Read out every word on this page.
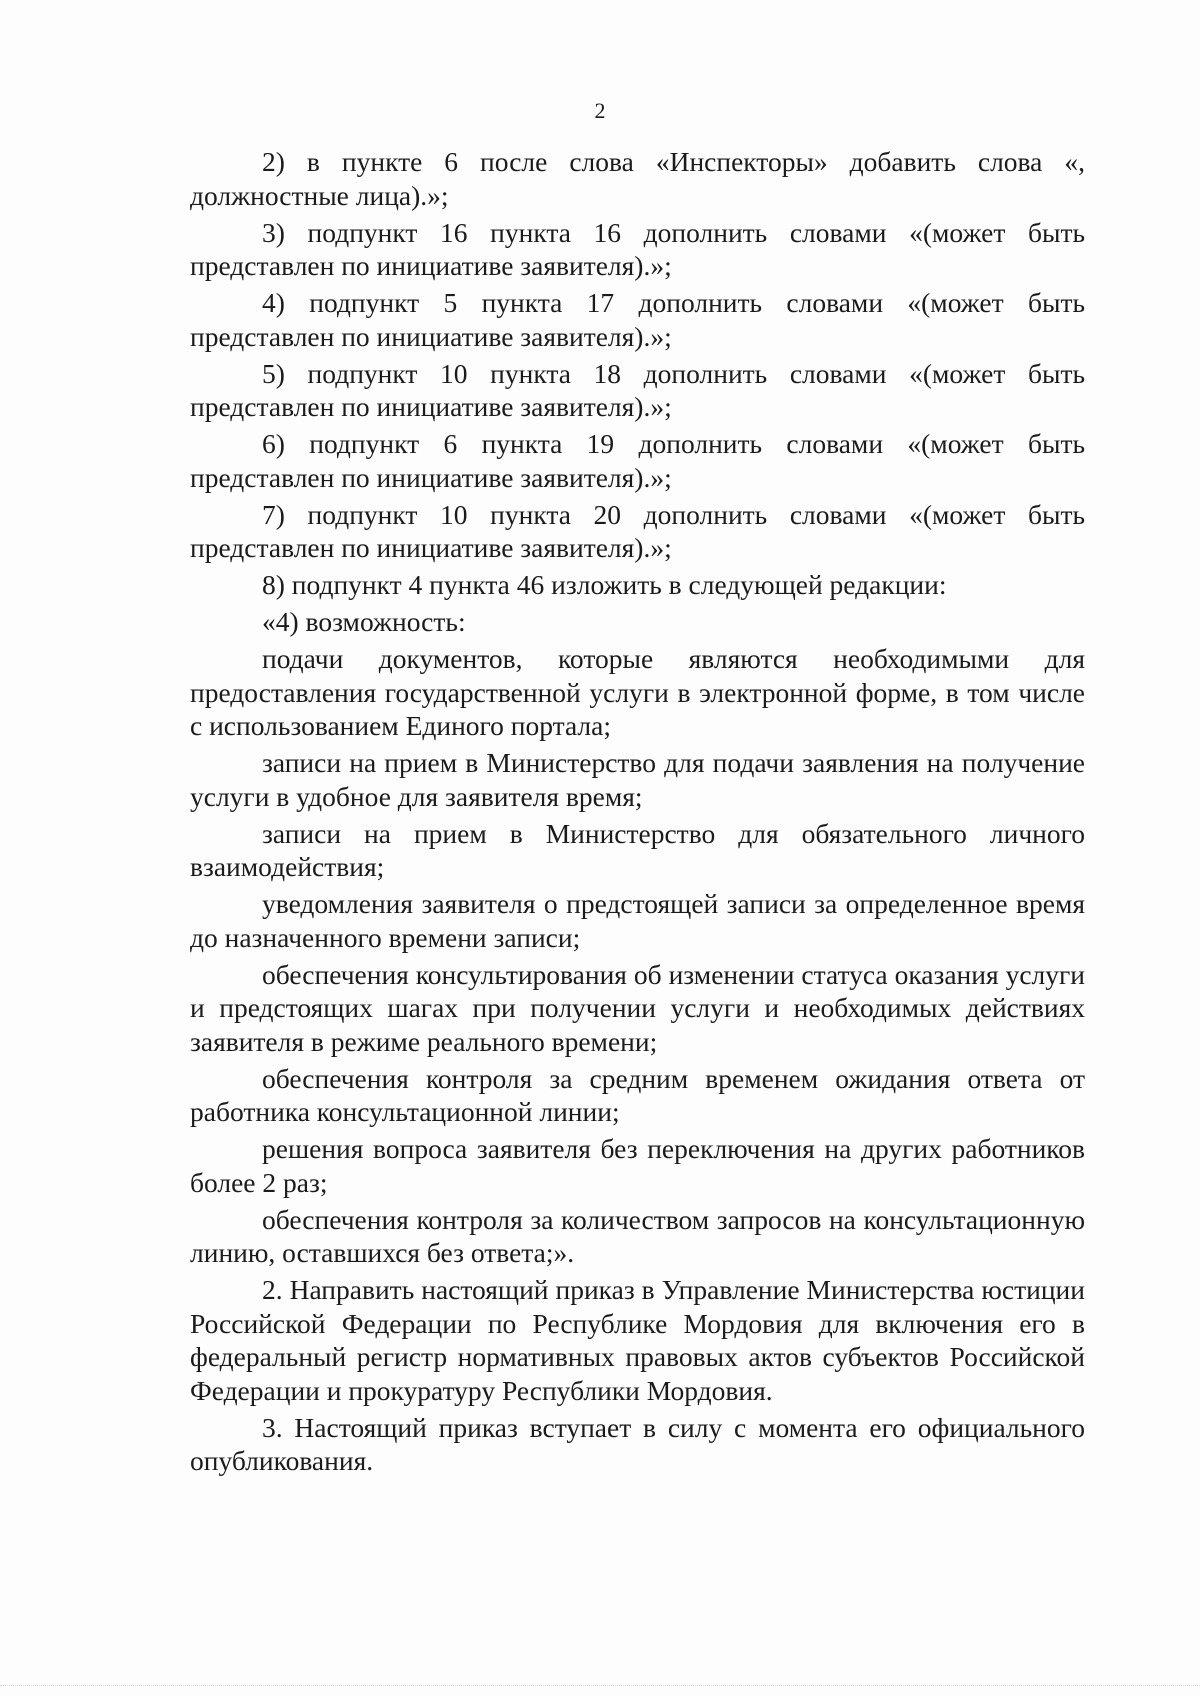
2

2) в пункте 6 после слова «Инспекторы» добавить слова «, должностные лица).»;

3) подпункт 16 пункта 16 дополнить словами «(может быть представлен по инициативе заявителя).»;

4) подпункт 5 пункта 17 дополнить словами «(может быть представлен по инициативе заявителя).»;

5) подпункт 10 пункта 18 дополнить словами «(может быть представлен по инициативе заявителя).»;

6) подпункт 6 пункта 19 дополнить словами «(может быть представлен по инициативе заявителя).»;

7) подпункт 10 пункта 20 дополнить словами «(может быть представлен по инициативе заявителя).»;

8) подпункт 4 пункта 46 изложить в следующей редакции:

«4) возможность:

подачи документов, которые являются необходимыми для предоставления государственной услуги в электронной форме, в том числе с использованием Единого портала;

записи на прием в Министерство для подачи заявления на получение услуги в удобное для заявителя время;

записи на прием в Министерство для обязательного личного взаимодействия;

уведомления заявителя о предстоящей записи за определенное время до назначенного времени записи;

обеспечения консультирования об изменении статуса оказания услуги и предстоящих шагах при получении услуги и необходимых действиях заявителя в режиме реального времени;

обеспечения контроля за средним временем ожидания ответа от работника консультационной линии;

решения вопроса заявителя без переключения на других работников более 2 раз;

обеспечения контроля за количеством запросов на консультационную линию, оставшихся без ответа;».

2. Направить настоящий приказ в Управление Министерства юстиции Российской Федерации по Республике Мордовия для включения его в федеральный регистр нормативных правовых актов субъектов Российской Федерации и прокуратуру Республики Мордовия.

3. Настоящий приказ вступает в силу с момента его официального опубликования.
